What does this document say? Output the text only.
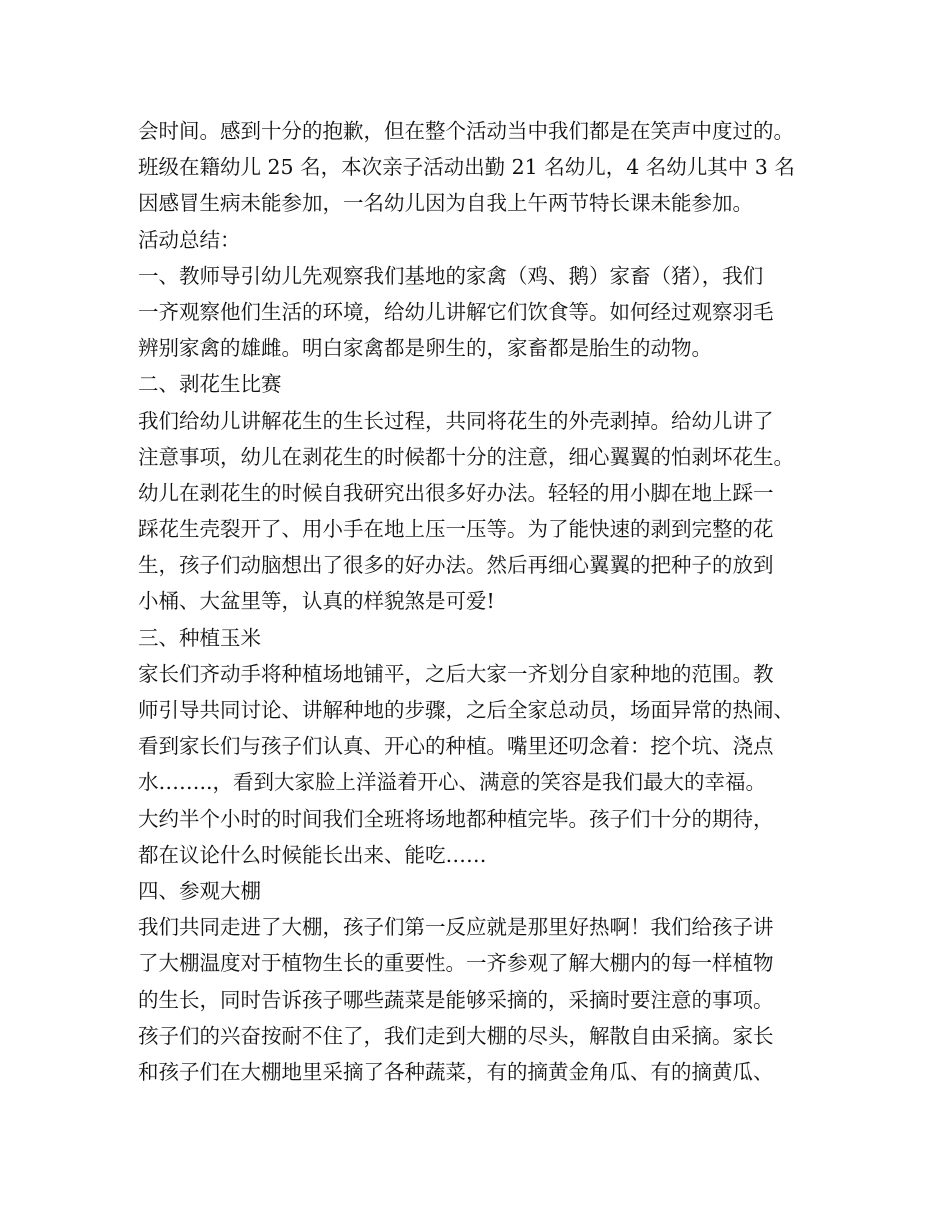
会时间。感到十分的抱歉，但在整个活动当中我们都是在笑声中度过的。
班级在籍幼儿 25 名，本次亲子活动出勤 21 名幼儿，4 名幼儿其中 3 名
因感冒生病未能参加，一名幼儿因为自我上午两节特长课未能参加。
活动总结：
一、教师导引幼儿先观察我们基地的家禽（鸡、鹅）家畜（猪），我们
一齐观察他们生活的环境，给幼儿讲解它们饮食等。如何经过观察羽毛
辨别家禽的雄雌。明白家禽都是卵生的，家畜都是胎生的动物。
二、剥花生比赛
我们给幼儿讲解花生的生长过程，共同将花生的外壳剥掉。给幼儿讲了
注意事项，幼儿在剥花生的时候都十分的注意，细心翼翼的怕剥坏花生。
幼儿在剥花生的时候自我研究出很多好办法。轻轻的用小脚在地上踩一
踩花生壳裂开了、用小手在地上压一压等。为了能快速的剥到完整的花
生，孩子们动脑想出了很多的好办法。然后再细心翼翼的把种子的放到
小桶、大盆里等，认真的样貌煞是可爱!
三、种植玉米
家长们齐动手将种植场地铺平，之后大家一齐划分自家种地的范围。教
师引导共同讨论、讲解种地的步骤，之后全家总动员，场面异常的热闹、
看到家长们与孩子们认真、开心的种植。嘴里还叨念着：挖个坑、浇点
水……..，看到大家脸上洋溢着开心、满意的笑容是我们最大的幸福。
大约半个小时的时间我们全班将场地都种植完毕。孩子们十分的期待，
都在议论什么时候能长出来、能吃……
四、参观大棚
我们共同走进了大棚，孩子们第一反应就是那里好热啊！我们给孩子讲
了大棚温度对于植物生长的重要性。一齐参观了解大棚内的每一样植物
的生长，同时告诉孩子哪些蔬菜是能够采摘的，采摘时要注意的事项。
孩子们的兴奋按耐不住了，我们走到大棚的尽头，解散自由采摘。家长
和孩子们在大棚地里采摘了各种蔬菜，有的摘黄金角瓜、有的摘黄瓜、
